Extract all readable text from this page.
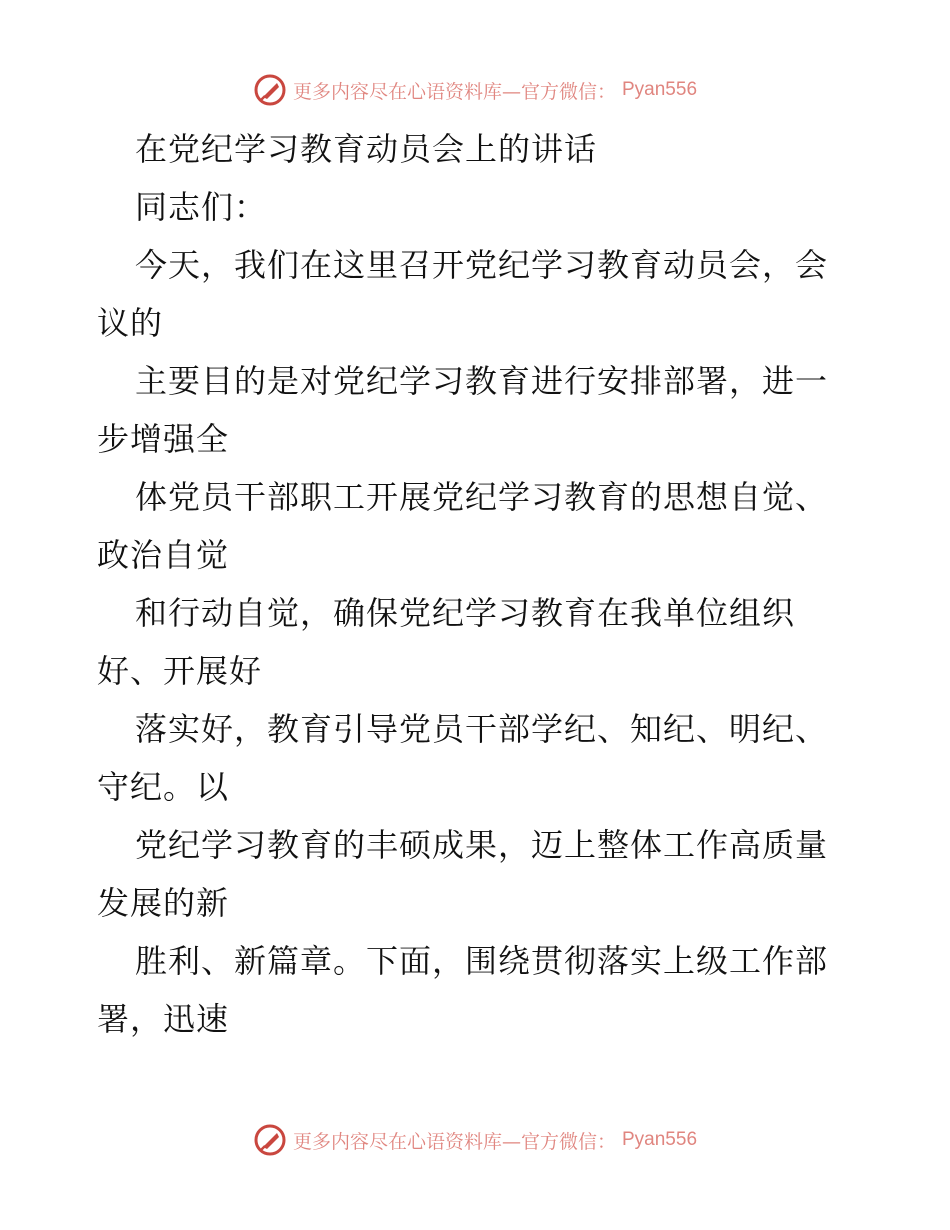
更多内容尽在心语资料库—官方微信： Pyan556
在党纪学习教育动员会上的讲话
同志们：
今天，我们在这里召开党纪学习教育动员会，会
议的
主要目的是对党纪学习教育进行安排部署，进一
步增强全
体党员干部职工开展党纪学习教育的思想自觉、
政治自觉
和行动自觉，确保党纪学习教育在我单位组织
好、开展好
落实好，教育引导党员干部学纪、知纪、明纪、
守纪。以
党纪学习教育的丰硕成果，迈上整体工作高质量
发展的新
胜利、新篇章。下面，围绕贯彻落实上级工作部
署，迅速
更多内容尽在心语资料库—官方微信： Pyan556
